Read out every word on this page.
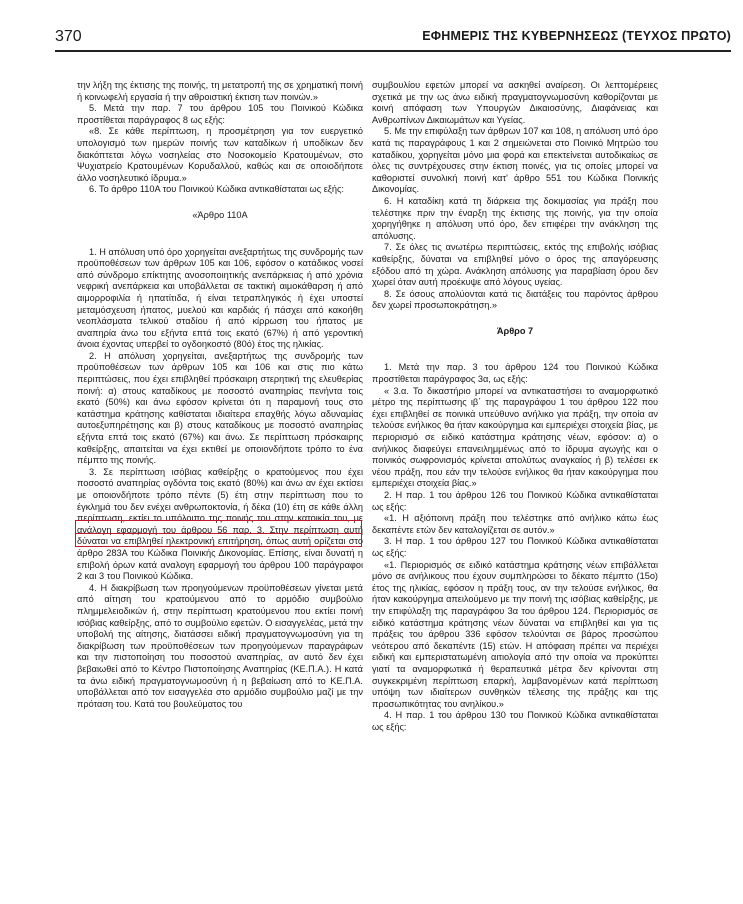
370	ΕΦΗΜΕΡΙΣ ΤΗΣ ΚΥΒΕΡΝΗΣΕΩΣ (ΤΕΥΧΟΣ ΠΡΩΤΟ)

την λήξη της έκτισης της ποινής, τη μετατροπή της σε χρηματική ποινή ή κοινωφελή εργασία ή την αθροιστική έκτιση των ποινών.»

5. Μετά την παρ. 7 του άρθρου 105 του Ποινικού Κώδικα προστίθεται παράγραφος 8 ως εξής:

«8. Σε κάθε περίπτωση, η προσμέτρηση για τον ευεργετικό υπολογισμό των ημερών ποινής των καταδίκων ή υποδίκων δεν διακόπτεται λόγω νοσηλείας στο Νοσοκομείο Κρατουμένων, στο Ψυχιατρείο Κρατουμένων Κορυδαλλού, καθώς και σε οποιοδήποτε άλλο νοσηλευτικό ίδρυμα.»

6. Το άρθρο 110Α του Ποινικού Κώδικα αντικαθίσταται ως εξής:

«Άρθρο 110Α

1. Η απόλυση υπό όρο χορηγείται ανεξαρτήτως της συνδρομής των προϋποθέσεων των άρθρων 105 και 106, εφόσον ο κατάδικος νοσεί από σύνδρομο επίκτητης ανοσοποιητικής ανεπάρκειας ή από χρόνια νεφρική ανεπάρκεια και υποβάλλεται σε τακτική αιμοκάθαρση ή από αιμορροφιλία ή ηπατίτιδα, ή είναι τετραπληγικός ή έχει υποστεί μεταμόσχευση ήπατος, μυελού και καρδιάς ή πάσχει από κακοήθη νεοπλάσματα τελικού σταδίου ή από κίρρωση του ήπατος με αναπηρία άνω του εξήντα επτά τοις εκατό (67%) ή από γεροντική άνοια έχοντας υπερβεί το ογδοηκοστό (80ό) έτος της ηλικίας.

2. Η απόλυση χορηγείται, ανεξαρτήτως της συνδρομής των προϋποθέσεων των άρθρων 105 και 106 και στις πιο κάτω περιπτώσεις, που έχει επιβληθεί πρόσκαιρη στερητική της ελευθερίας ποινή: α) στους καταδίκους με ποσοστό αναπηρίας πενήντα τοις εκατό (50%) και άνω εφόσον κρίνεται ότι η παραμονή τους στο κατάστημα κράτησης καθίσταται ιδιαίτερα επαχθής λόγω αδυναμίας αυτοεξυπηρέτησης και β) στους καταδίκους με ποσοστό αναπηρίας εξήντα επτά τοις εκατό (67%) και άνω. Σε περίπτωση πρόσκαιρης καθείρξης, απαιτείται να έχει εκτιθεί με οποιονδήποτε τρόπο το ένα πέμπτο της ποινής.

3. Σε περίπτωση ισόβιας καθείρξης ο κρατούμενος που έχει ποσοστό αναπηρίας ογδόντα τοις εκατό (80%) και άνω αν έχει εκτίσει με οποιονδήποτε τρόπο πέντε (5) έτη στην περίπτωση που το έγκλημά του δεν ενέχει ανθρωποκτονία, ή δέκα (10) έτη σε κάθε άλλη περίπτωση, εκτίει το υπόλοιπο της ποινής του στην κατοικία του, με ανάλογη εφαρμογή του άρθρου 56 παρ. 3. Στην περίπτωση αυτή δύναται να επιβληθεί ηλεκτρονική επιτήρηση, όπως αυτή ορίζεται στο άρθρο 283Α του Κώδικα Ποινικής Δικονομίας. Επίσης, είναι δυνατή η επιβολή όρων κατά αναλογη εφαρμογή του άρθρου 100 παράγραφοι 2 και 3 του Ποινικού Κώδικα.

4. Η διακρίβωση των προηγούμενων προϋποθέσεων γίνεται μετά από αίτηση του κρατούμενου από το αρμόδιο συμβούλιο πλημμελειοδικών ή, στην περίπτωση κρατούμενου που εκτίει ποινή ισόβιας καθείρξης, από το συμβούλιο εφετών. Ο εισαγγελέας, μετά την υποβολή της αίτησης, διατάσσει ειδική πραγματογνωμοσύνη για τη διακρίβωση των προϋποθέσεων των προηγούμενων παραγράφων και την πιστοποίηση του ποσοστού αναπηρίας, αν αυτό δεν έχει βεβαιωθεί από το Κέντρο Πιστοποίησης Αναπηρίας (ΚΕ.Π.Α.). Η κατά τα άνω ειδική πραγματογνωμοσύνη ή η βεβαίωση από το ΚΕ.Π.Α. υποβάλλεται από τον εισαγγελέα στο αρμόδιο συμβούλιο μαζί με την πρόταση του. Κατά του βουλεύματος του

συμβουλίου εφετών μπορεί να ασκηθεί αναίρεση. Οι λεπτομέρειες σχετικά με την ως άνω ειδική πραγματογνωμοσύνη καθορίζονται με κοινή απόφαση των Υπουργών Δικαιοσύνης, Διαφάνειας και Ανθρωπίνων Δικαιωμάτων και Υγείας.

5. Με την επιφύλαξη των άρθρων 107 και 108, η απόλυση υπό όρο κατά τις παραγράφους 1 και 2 σημειώνεται στο Ποινικό Μητρώο του καταδίκου, χορηγείται μόνο μια φορά και επεκτείνεται αυτοδικαίως σε όλες τις συντρέχουσες στην έκτιση ποινές, για τις οποίες μπορεί να καθοριστεί συνολική ποινή κατ' άρθρο 551 του Κώδικα Ποινικής Δικονομίας.

6. Η καταδίκη κατά τη διάρκεια της δοκιμασίας για πράξη που τελέστηκε πριν την έναρξη της έκτισης της ποινής, για την οποία χορηγήθηκε η απόλυση υπό όρο, δεν επιφέρει την ανάκληση της απόλυσης.

7. Σε όλες τις ανωτέρω περιπτώσεις, εκτός της επιβολής ισόβιας καθείρξης, δύναται να επιβληθεί μόνο ο όρος της απαγόρευσης εξόδου από τη χώρα. Ανάκληση απόλυσης για παραβίαση όρου δεν χωρεί όταν αυτή προέκυψε από λόγους υγείας.

8. Σε όσους απολύονται κατά τις διατάξεις του παρόντος άρθρου δεν χωρεί προσωποκράτηση.»

Άρθρο 7

1. Μετά την παρ. 3 του άρθρου 124 του Ποινικού Κώδικα προστίθεται παράγραφος 3α, ως εξής:

« 3.α. Το δικαστήριο μπορεί να αντικαταστήσει το αναμορφωτικό μέτρο της περίπτωσης ιβ΄ της παραγράφου 1 του άρθρου 122 που έχει επιβληθεί σε ποινικά υπεύθυνο ανήλικο για πράξη, την οποία αν τελούσε ενήλικος θα ήταν κακούργημα και εμπεριέχει στοιχεία βίας, με περιορισμό σε ειδικό κατάστημα κράτησης νέων, εφόσον: α) ο ανήλικος διαφεύγει επανειλημμένως από το ίδρυμα αγωγής και ο ποινικός σωφρονισμός κρίνεται απολύτως αναγκαίος ή β) τελέσει εκ νέου πράξη, που εάν την τελούσε ενήλικος θα ήταν κακούργημα που εμπεριέχει στοιχεία βίας.»

2. Η παρ. 1 του άρθρου 126 του Ποινικού Κώδικα αντικαθίσταται ως εξής:

«1. Η αξιόποινη πράξη που τελέστηκε από ανήλικο κάτω έως δεκαπέντε ετών δεν καταλογίζεται σε αυτόν.»

3. Η παρ. 1 του άρθρου 127 του Ποινικού Κώδικα αντικαθίσταται ως εξής:

«1. Περιορισμός σε ειδικό κατάστημα κράτησης νέων επιβάλλεται μόνο σε ανήλικους που έχουν συμπληρώσει το δέκατο πέμπτο (15ο) έτος της ηλικίας, εφόσον η πράξη τους, αν την τελούσε ενήλικος, θα ήταν κακούργημα απειλούμενο με την ποινή της ισόβιας καθείρξης, με την επιφύλαξη της παραγράφου 3α του άρθρου 124. Περιορισμός σε ειδικό κατάστημα κράτησης νέων δύναται να επιβληθεί και για τις πράξεις του άρθρου 336 εφόσον τελούνται σε βάρος προσώπου νεότερου από δεκαπέντε (15) ετών. Η απόφαση πρέπει να περιέχει ειδική και εμπεριστατωμένη αιτιολογία από την οποία να προκύπτει γιατί τα αναμορφωτικά ή θεραπευτικά μέτρα δεν κρίνονται στη συγκεκριμένη περίπτωση επαρκή, λαμβανομένων κατά περίπτωση υπόψη των ιδιαίτερων συνθηκών τέλεσης της πράξης και της προσωπικότητας του ανηλίκου.»

4. Η παρ. 1 του άρθρου 130 του Ποινικού Κώδικα αντικαθίσταται ως εξής:
